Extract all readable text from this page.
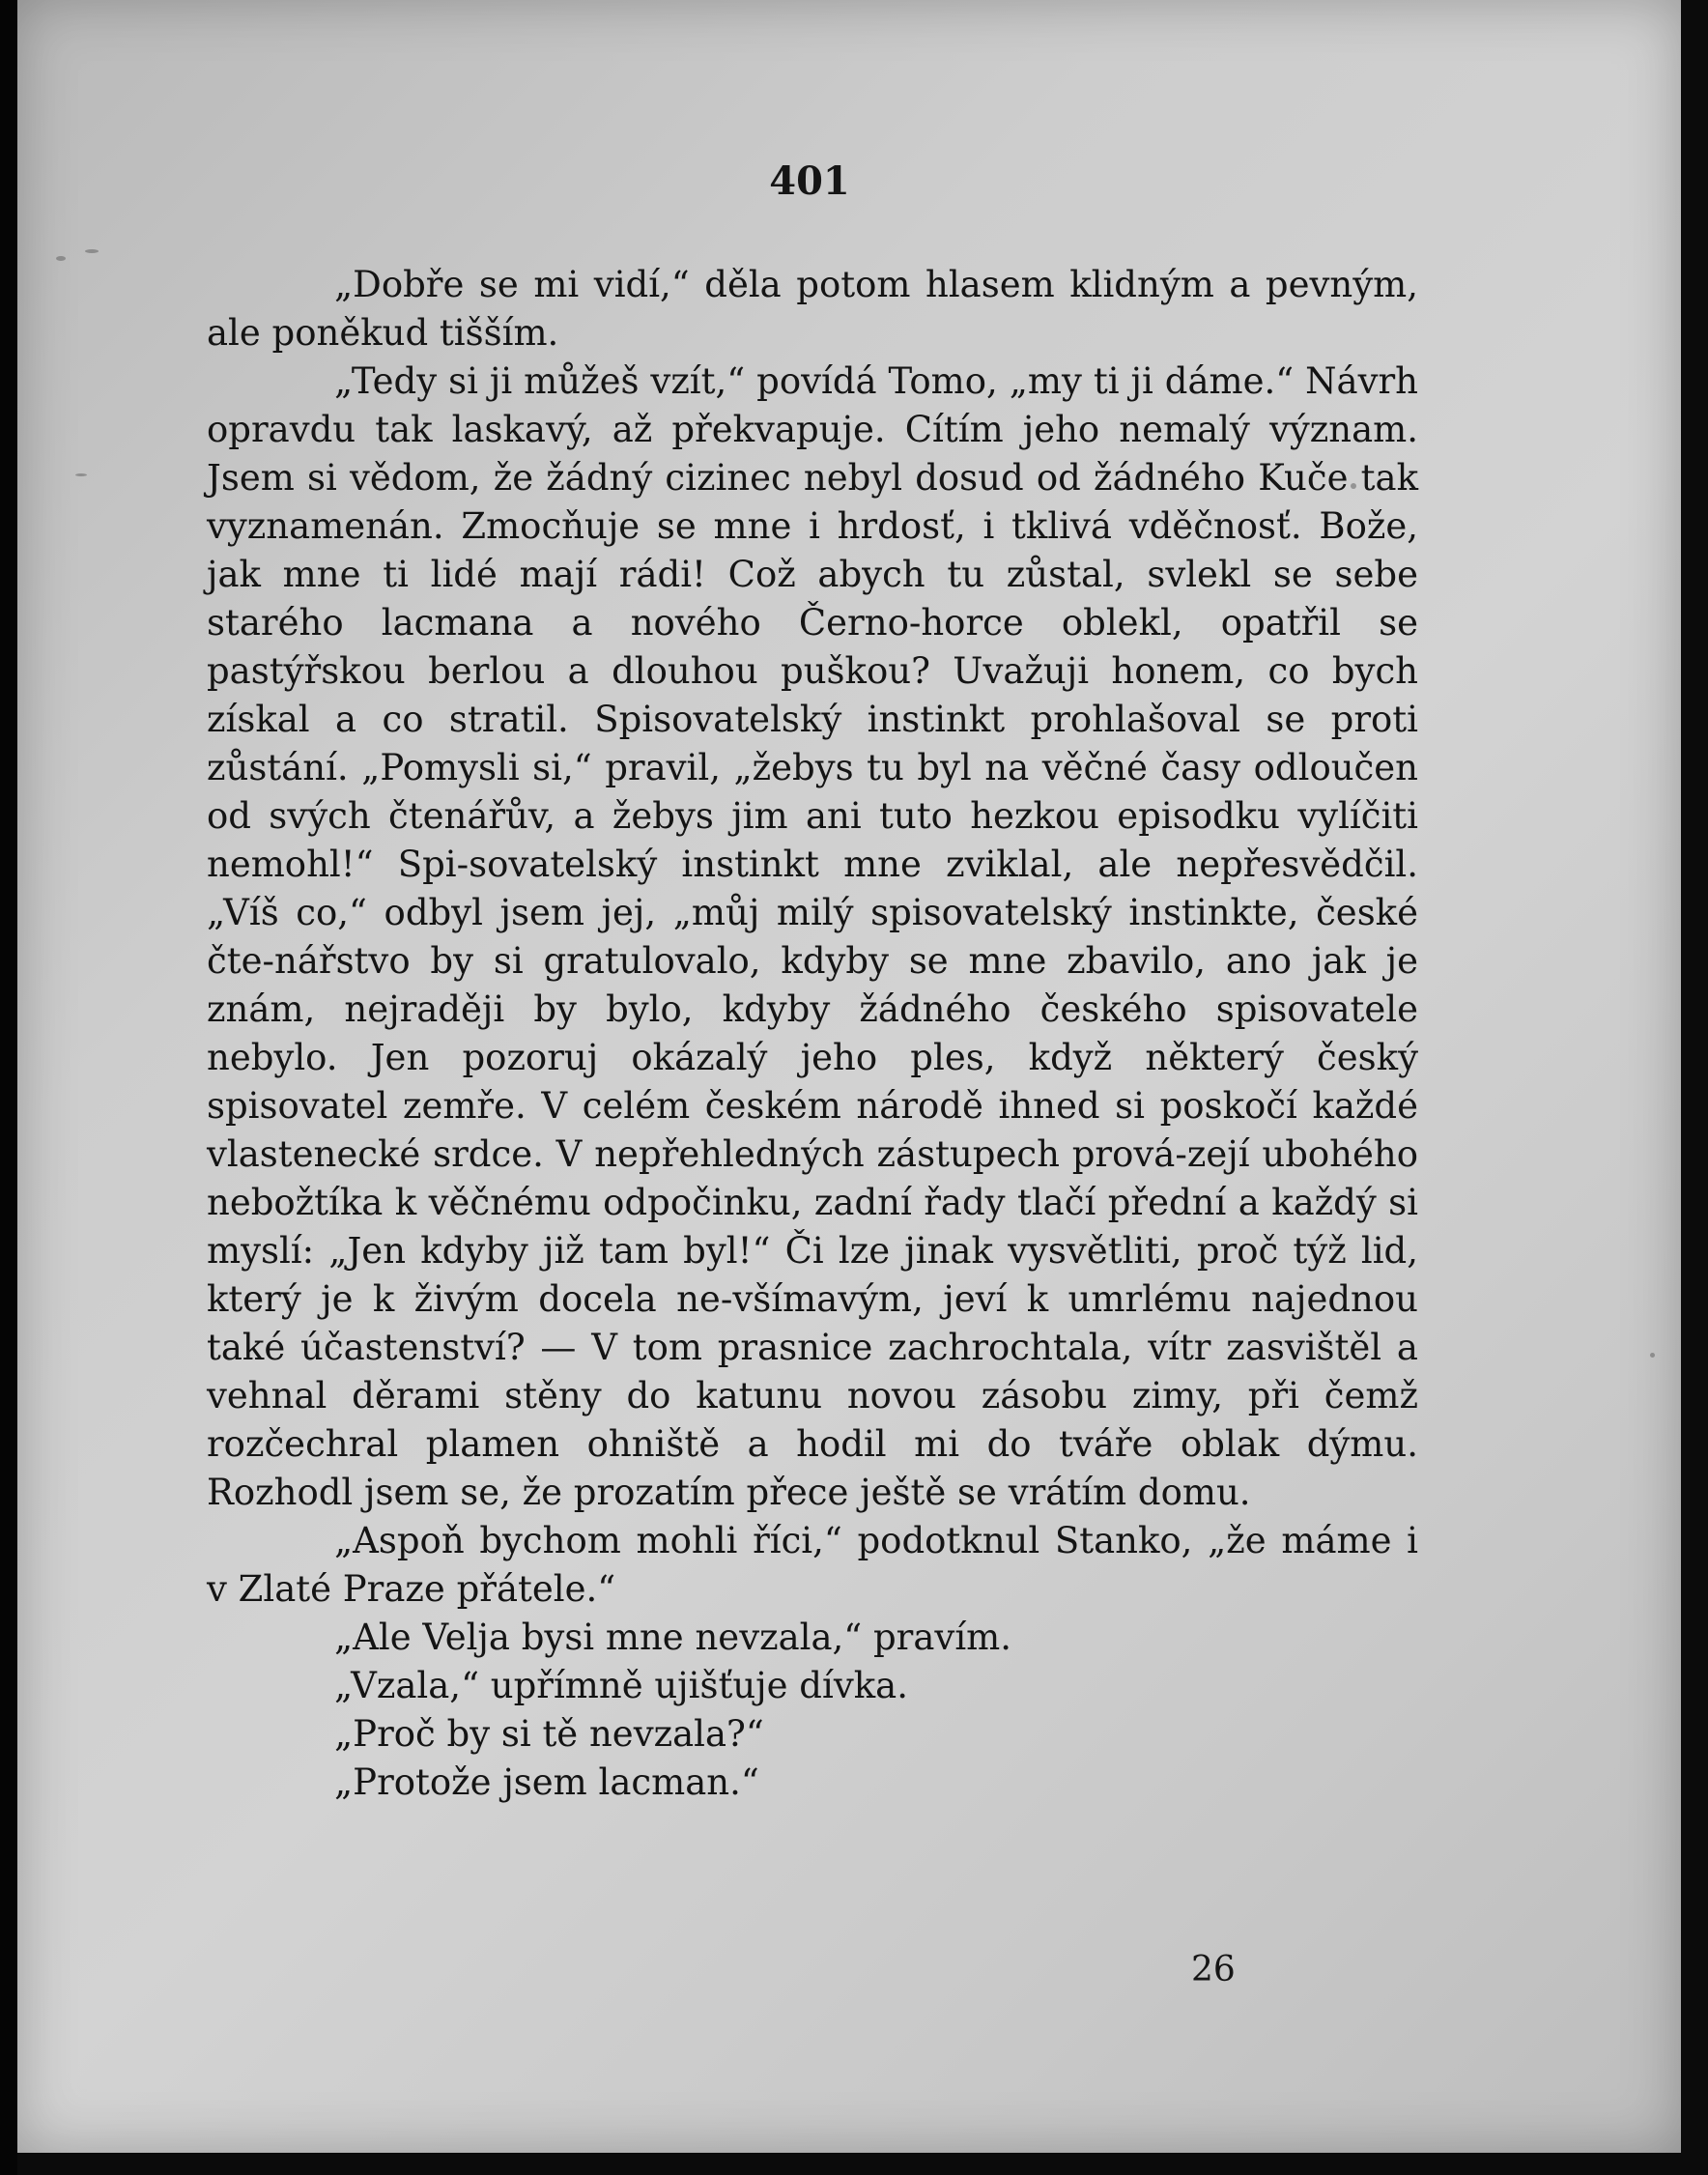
401

„Dobře se mi vidí,“ děla potom hlasem klidným a pevným, ale poněkud tišším.

„Tedy si ji můžeš vzít,“ povídá Tomo, „my ti ji dáme.“ Návrh opravdu tak laskavý, až překvapuje. Cítím jeho nemalý význam. Jsem si vědom, že žádný cizinec nebyl dosud od žádného Kuče tak vyznamenán. Zmocňuje se mne i hrdosť, i tklivá vděčnosť. Bože, jak mne ti lidé mají rádi! Což abych tu zůstal, svlekl se sebe starého lacmana a nového Černo-horce oblekl, opatřil se pastýřskou berlou a dlouhou puškou? Uvažuji honem, co bych získal a co stratil. Spisovatelský instinkt prohlašoval se proti zůstání. „Pomysli si,“ pravil, „žebys tu byl na věčné časy odloučen od svých čtenářův, a žebys jim ani tuto hezkou episodku vylíčiti nemohl!“ Spi-sovatelský instinkt mne zviklal, ale nepřesvědčil. „Víš co,“ odbyl jsem jej, „můj milý spisovatelský instinkte, české čte-nářstvo by si gratulovalo, kdyby se mne zbavilo, ano jak je znám, nejraději by bylo, kdyby žádného českého spisovatele nebylo. Jen pozoruj okázalý jeho ples, když některý český spisovatel zemře. V celém českém národě ihned si poskočí každé vlastenecké srdce. V nepřehledných zástupech prová-zejí ubohého nebožtíka k věčnému odpočinku, zadní řady tlačí přední a každý si myslí: „Jen kdyby již tam byl!“ Či lze jinak vysvětliti, proč týž lid, který je k živým docela ne-všímavým, jeví k umrlému najednou také účastenství? — V tom prasnice zachrochtala, vítr zasvištěl a vehnal děrami stěny do katunu novou zásobu zimy, při čemž rozčechral plamen ohniště a hodil mi do tváře oblak dýmu. Rozhodl jsem se, že prozatím přece ještě se vrátím domu.

„Aspoň bychom mohli říci,“ podotknul Stanko, „že máme i v Zlaté Praze přátele.“

„Ale Velja bysi mne nevzala,“ pravím.

„Vzala,“ upřímně ujišťuje dívka.

„Proč by si tě nevzala?“

„Protože jsem lacman.“

26
